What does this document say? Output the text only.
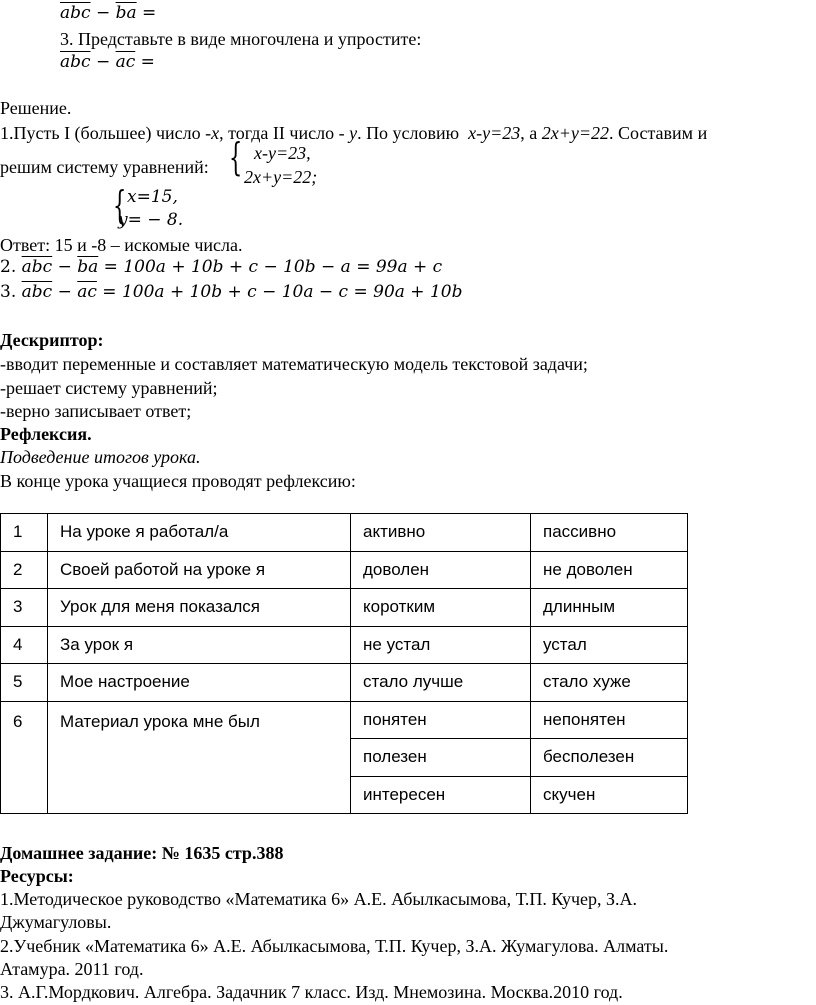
$\overline{abc} - \overline{ba}$ =
3. Представьте в виде многочлена и упростите:
$\overline{abc} - \overline{ac}$ =
Решение.
1.Пусть I (большее) число -x, тогда II число - y. По условию x-y=23, а 2x+y=22. Составим и
решим систему уравнений: { x-y=23,
2x+y=22;
{ x=15,
y= − 8.
Ответ: 15 и -8 – искомые числа.
2. $\overline{abc} - \overline{ba} = 100a + 10b + c - 10b - a = 99a + c$
3. $\overline{abc} - \overline{ac} = 100a + 10b + c - 10a - c = 90a + 10b$
Дескриптор:
-вводит переменные и составляет математическую модель текстовой задачи;
-решает систему уравнений;
-верно записывает ответ;
Рефлексия.
Подведение итогов урока.
В конце урока учащиеся проводят рефлексию:
1	На уроке я работал/а	активно	пассивно
2	Своей работой на уроке я	доволен	не доволен
3	Урок для меня показался	коротким	длинным
4	За урок я	не устал	устал
5	Мое настроение	стало лучше	стало хуже
6	Материал урока мне был	понятен	непонятен
		полезен	бесполезен
		интересен	скучен
Домашнее задание: № 1635 стр.388
Ресурсы:
1.Методическое руководство «Математика 6» А.Е. Абылкасымова, Т.П. Кучер, З.А.
Джумагуловы.
2.Учебник «Математика 6» А.Е. Абылкасымова, Т.П. Кучер, З.А. Жумагулова. Алматы.
Атамура. 2011 год.
3. А.Г.Мордкович. Алгебра. Задачник 7 класс. Изд. Мнемозина. Москва.2010 год.
